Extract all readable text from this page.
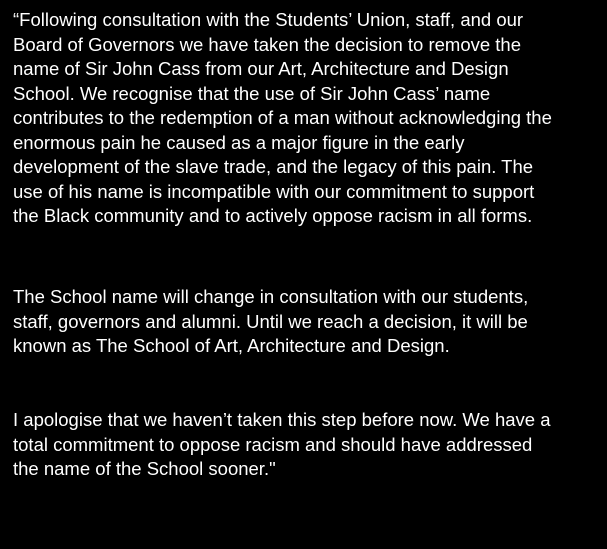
“Following consultation with the Students’ Union, staff, and our
Board of Governors we have taken the decision to remove the
name of Sir John Cass from our Art, Architecture and Design
School. We recognise that the use of Sir John Cass’ name
contributes to the redemption of a man without acknowledging the
enormous pain he caused as a major figure in the early
development of the slave trade, and the legacy of this pain. The
use of his name is incompatible with our commitment to support
the Black community and to actively oppose racism in all forms.

The School name will change in consultation with our students,
staff, governors and alumni. Until we reach a decision, it will be
known as The School of Art, Architecture and Design.

I apologise that we haven’t taken this step before now. We have a
total commitment to oppose racism and should have addressed
the name of the School sooner."
